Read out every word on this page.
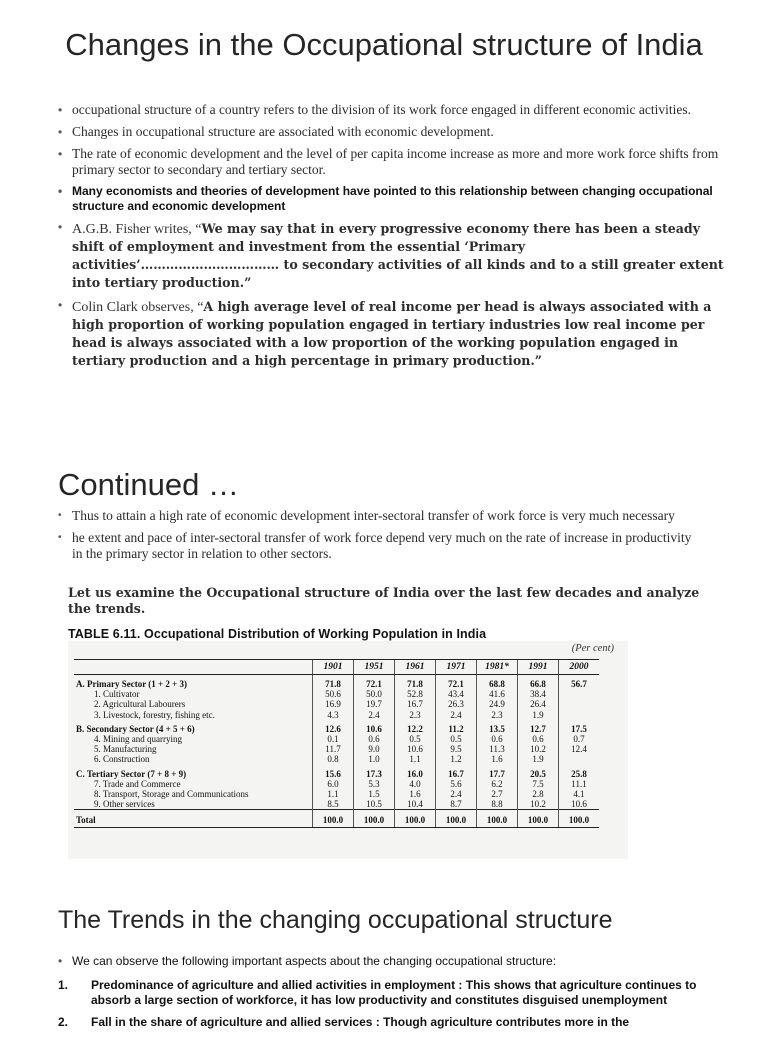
Changes in the Occupational structure of India
• occupational structure of a country refers to the division of its work force engaged in different economic activities.
• Changes in occupational structure are associated with economic development.
• The rate of economic development and the level of per capita income increase as more and more work force shifts from primary sector to secondary and tertiary sector.
• Many economists and theories of development have pointed to this relationship between changing occupational structure and economic development
• A.G.B. Fisher writes, “We may say that in every progressive economy there has been a steady shift of employment and investment from the essential ‘Primary activities’…………………………… to secondary activities of all kinds and to a still greater extent into tertiary production.”
• Colin Clark observes, “A high average level of real income per head is always associated with a high proportion of working population engaged in tertiary industries low real income per head is always associated with a low proportion of the working population engaged in tertiary production and a high percentage in primary production.”
Continued …
• Thus to attain a high rate of economic development inter-sectoral transfer of work force is very much necessary
• he extent and pace of inter-sectoral transfer of work force depend very much on the rate of increase in productivity in the primary sector in relation to other sectors.
Let us examine the Occupational structure of India over the last few decades and analyze the trends.
TABLE 6.11. Occupational Distribution of Working Population in India
(Per cent)
	1901	1951	1961	1971	1981*	1991	2000
A. Primary Sector (1 + 2 + 3)	71.8	72.1	71.8	72.1	68.8	66.8	56.7
1. Cultivator	50.6	50.0	52.8	43.4	41.6	38.4	
2. Agricultural Labourers	16.9	19.7	16.7	26.3	24.9	26.4	
3. Livestock, forestry, fishing etc.	4.3	2.4	2.3	2.4	2.3	1.9	
B. Secondary Sector (4 + 5 + 6)	12.6	10.6	12.2	11.2	13.5	12.7	17.5
4. Mining and quarrying	0.1	0.6	0.5	0.5	0.6	0.6	0.7
5. Manufacturing	11.7	9.0	10.6	9.5	11.3	10.2	12.4
6. Construction	0.8	1.0	1.1	1.2	1.6	1.9	
C. Tertiary Sector (7 + 8 + 9)	15.6	17.3	16.0	16.7	17.7	20.5	25.8
7. Trade and Commerce	6.0	5.3	4.0	5.6	6.2	7.5	11.1
8. Transport, Storage and Communications	1.1	1.5	1.6	2.4	2.7	2.8	4.1
9. Other services	8.5	10.5	10.4	8.7	8.8	10.2	10.6
Total	100.0	100.0	100.0	100.0	100.0	100.0	100.0
The Trends in the changing occupational structure
• We can observe the following important aspects about the changing occupational structure:
1. Predominance of agriculture and allied activities in employment : This shows that agriculture continues to absorb a large section of workforce, it has low productivity and constitutes disguised unemployment
2. Fall in the share of agriculture and allied services : Though agriculture contributes more in the
